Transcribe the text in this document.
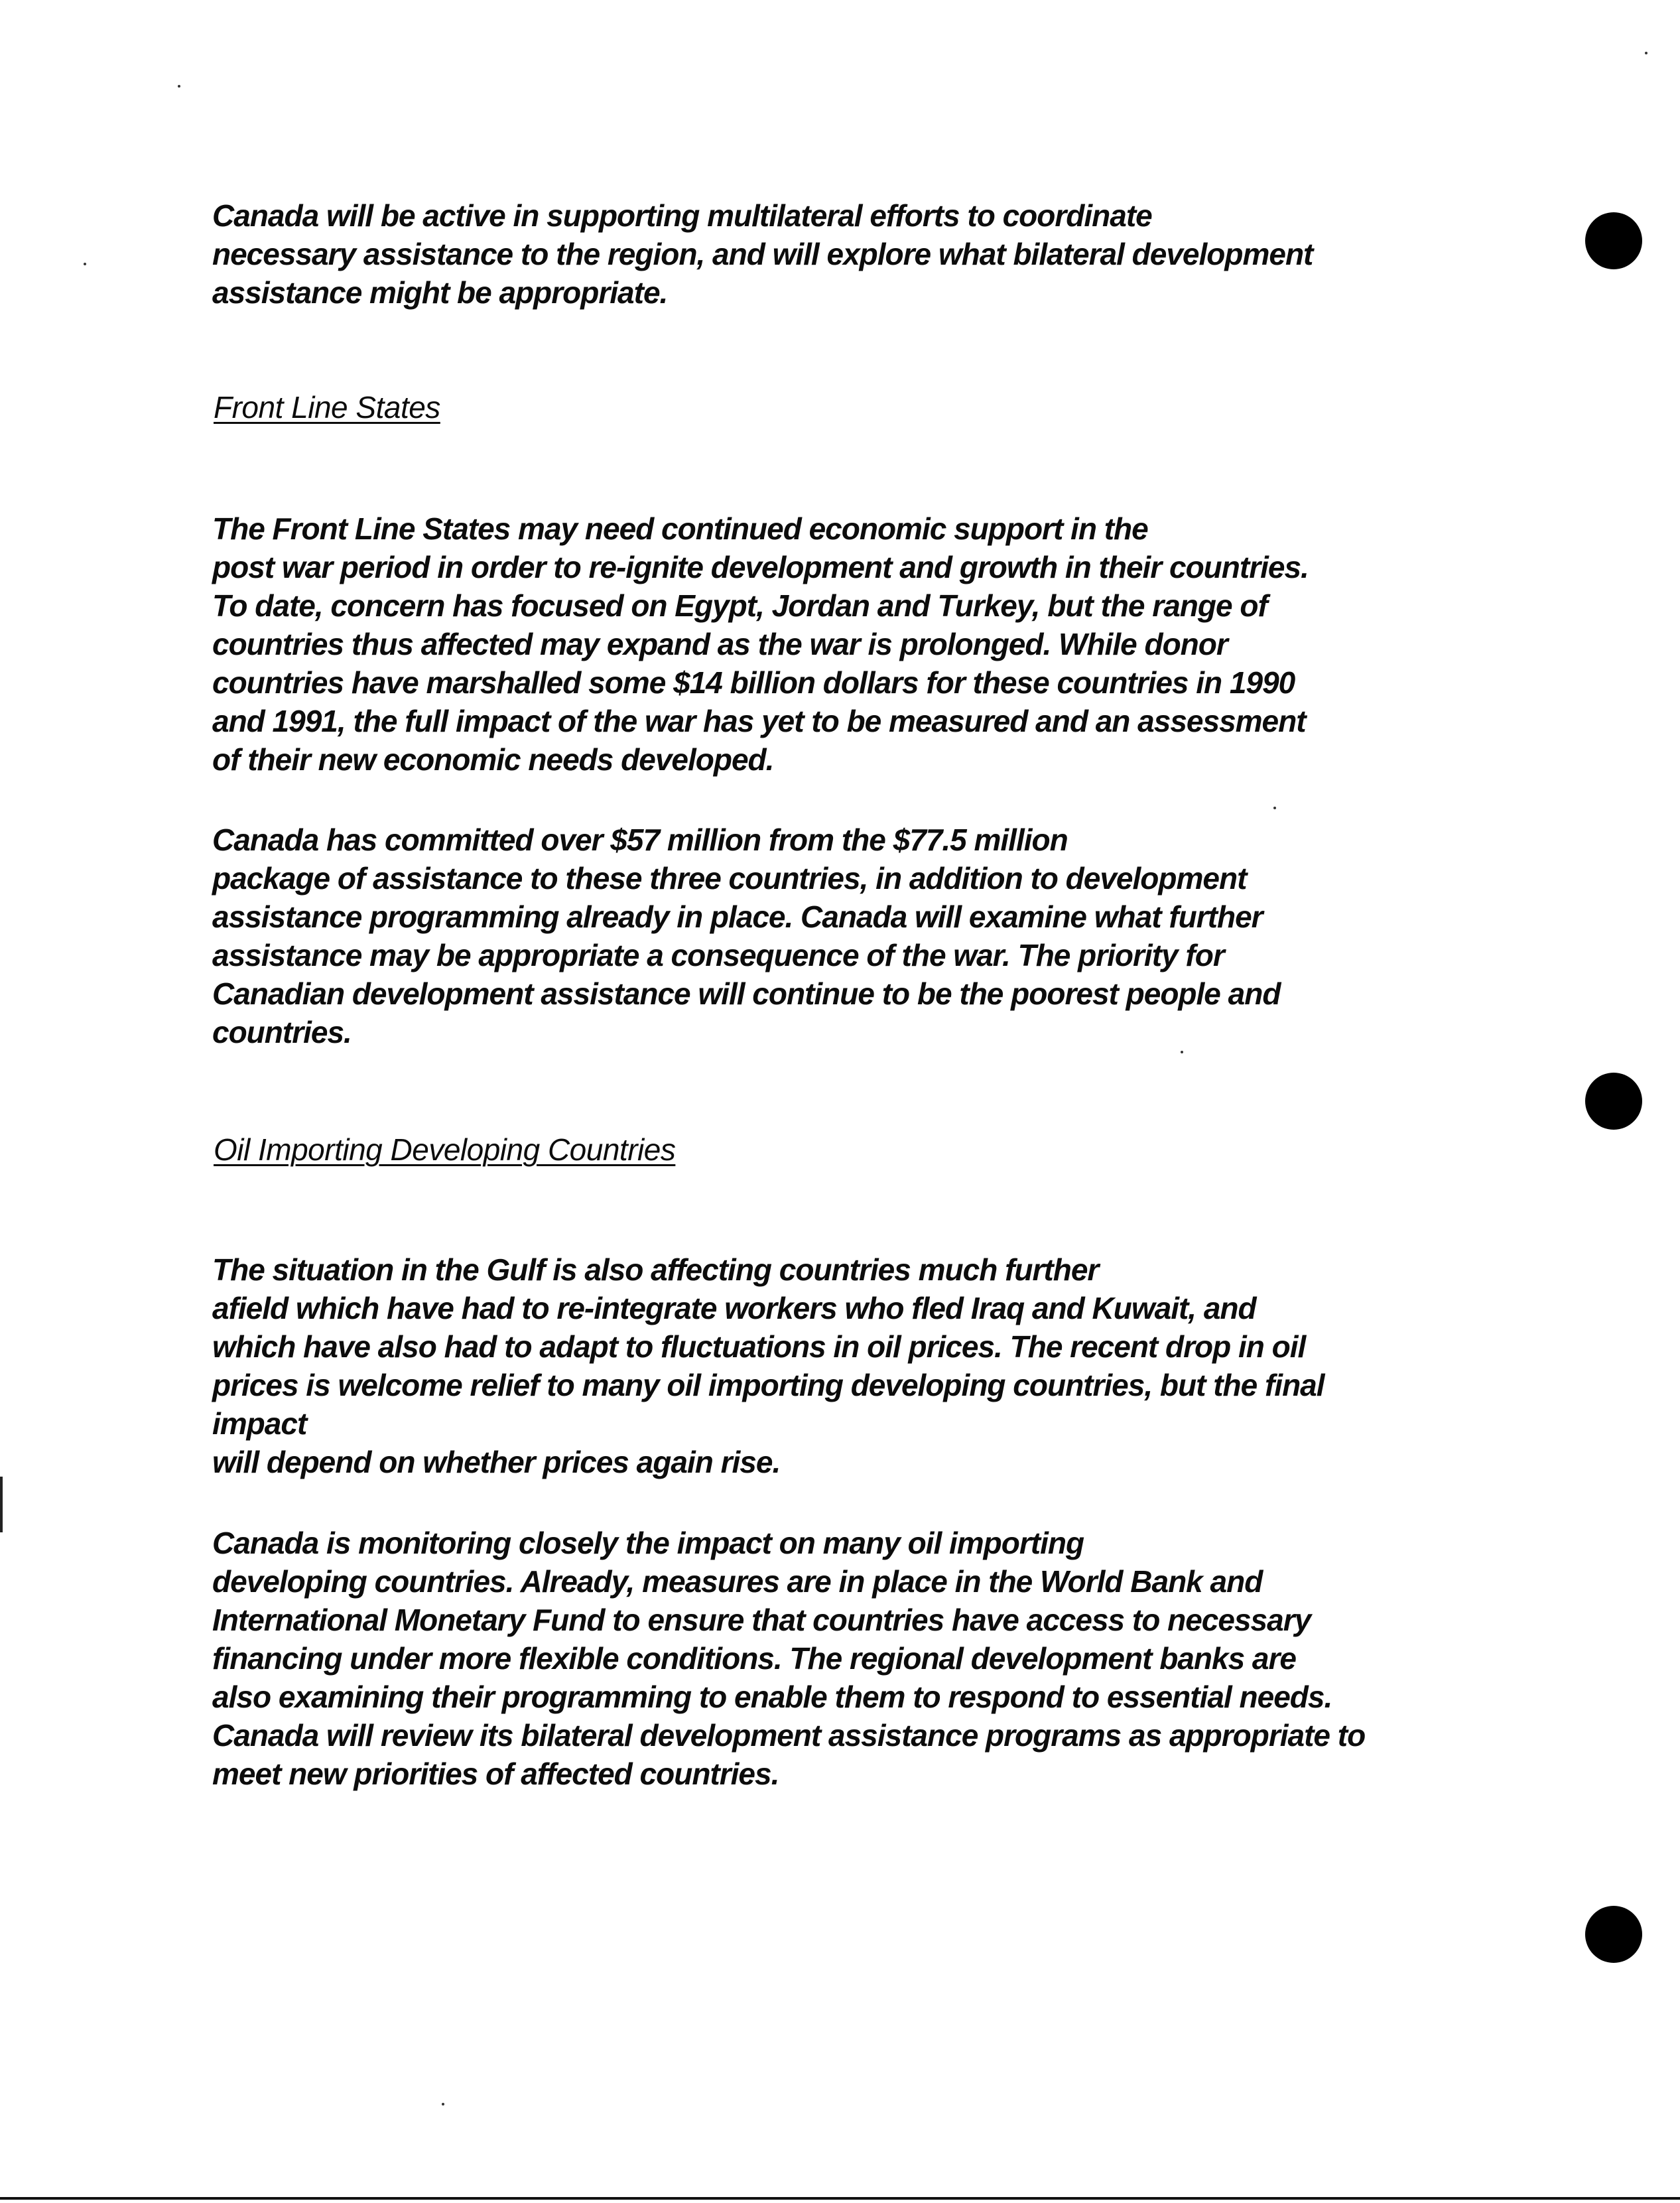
Canada will be active in supporting multilateral efforts to coordinate
necessary assistance to the region, and will explore what bilateral development
assistance might be appropriate.

Front Line States

The Front Line States may need continued economic support in the
post war period in order to re-ignite development and growth in their countries.
To date, concern has focused on Egypt, Jordan and Turkey, but the range of
countries thus affected may expand as the war is prolonged. While donor
countries have marshalled some $14 billion dollars for these countries in 1990
and 1991, the full impact of the war has yet to be measured and an assessment
of their new economic needs developed.

Canada has committed over $57 million from the $77.5 million
package of assistance to these three countries, in addition to development
assistance programming already in place. Canada will examine what further
assistance may be appropriate a consequence of the war. The priority for
Canadian development assistance will continue to be the poorest people and
countries.

Oil Importing Developing Countries

The situation in the Gulf is also affecting countries much further
afield which have had to re-integrate workers who fled Iraq and Kuwait, and
which have also had to adapt to fluctuations in oil prices. The recent drop in oil
prices is welcome relief to many oil importing developing countries, but the final
impact
will depend on whether prices again rise.

Canada is monitoring closely the impact on many oil importing
developing countries. Already, measures are in place in the World Bank and
International Monetary Fund to ensure that countries have access to necessary
financing under more flexible conditions. The regional development banks are
also examining their programming to enable them to respond to essential needs.
Canada will review its bilateral development assistance programs as appropriate to
meet new priorities of affected countries.
